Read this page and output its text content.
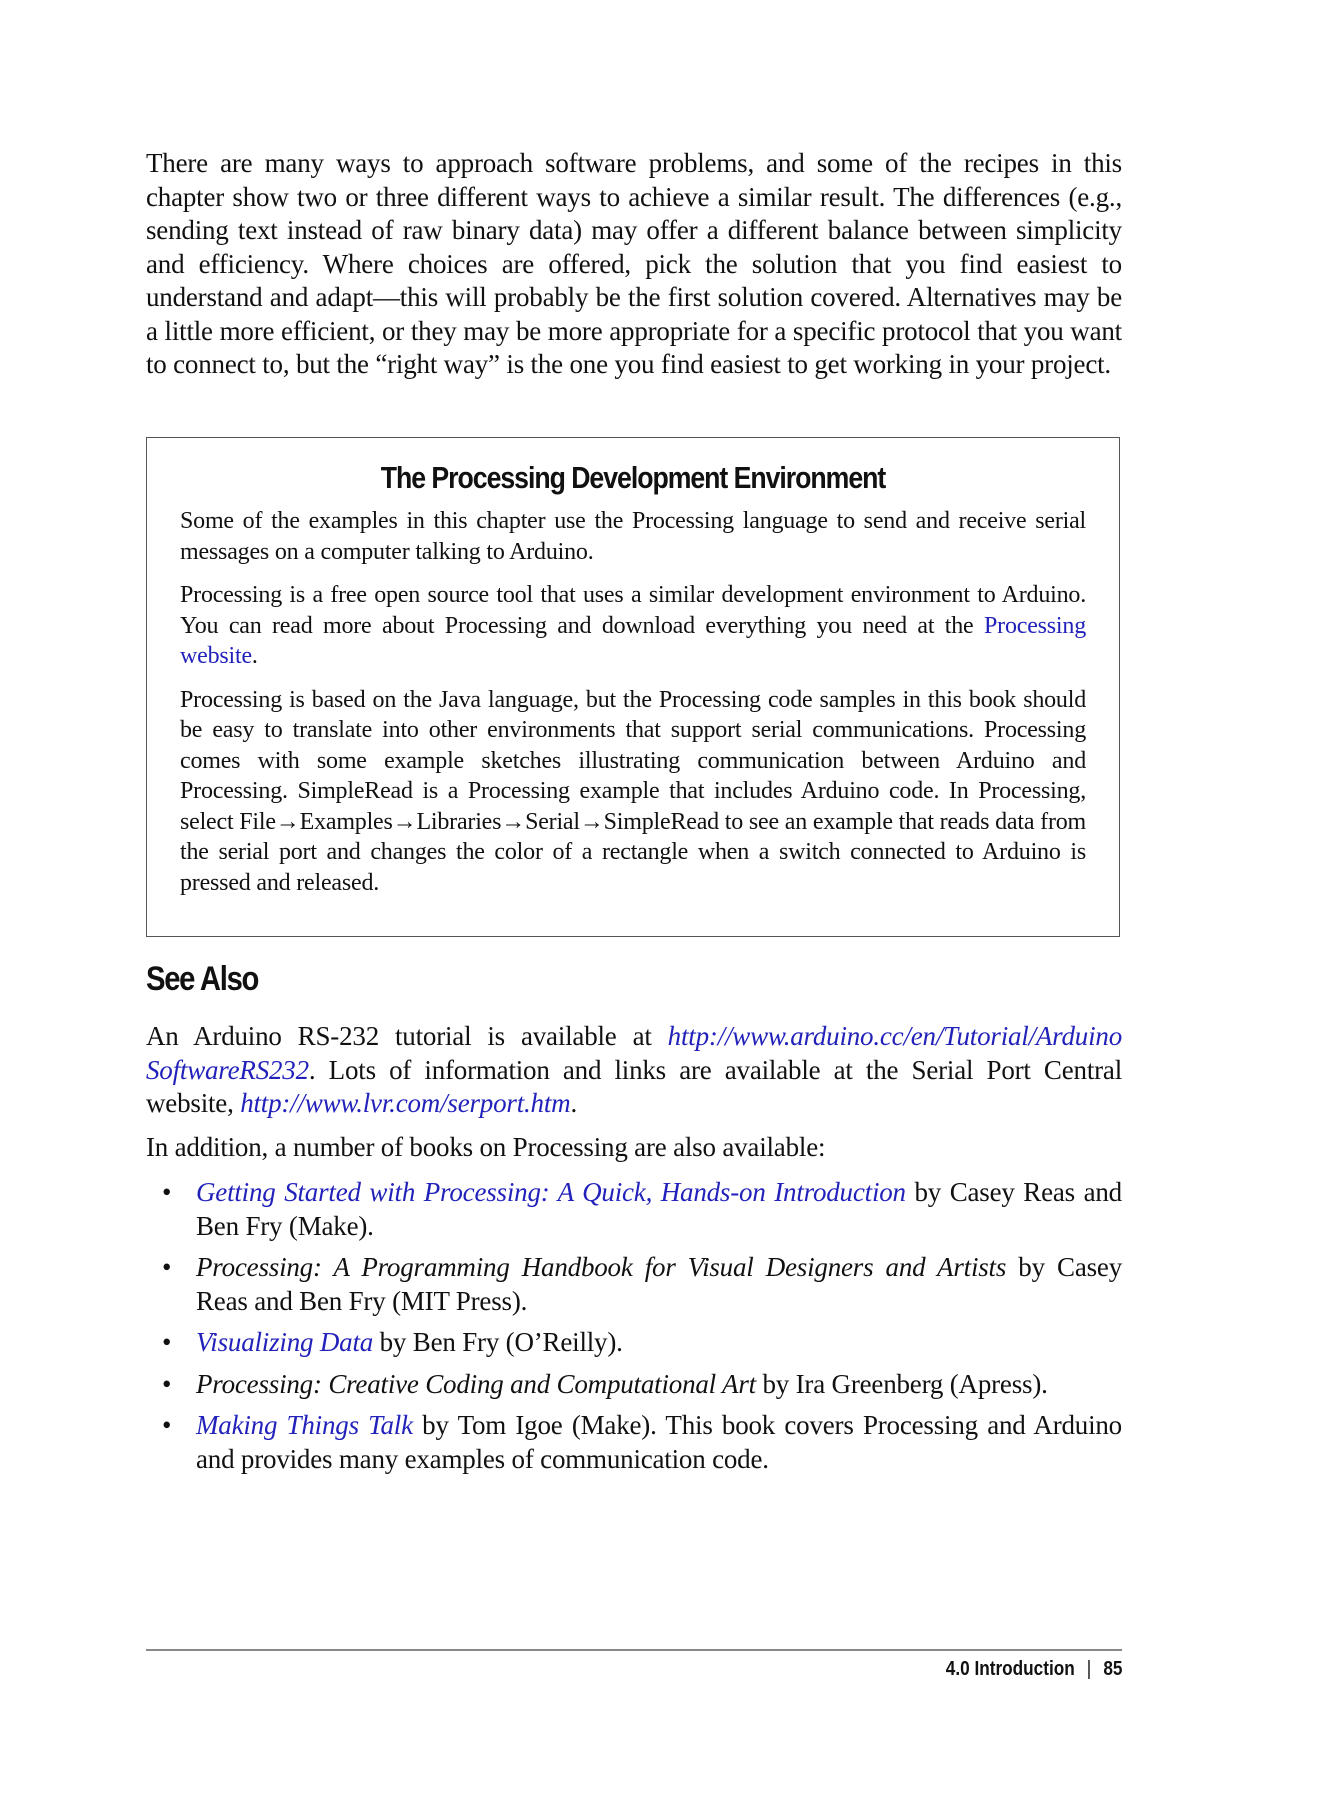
There are many ways to approach software problems, and some of the recipes in this chapter show two or three different ways to achieve a similar result. The differences (e.g., sending text instead of raw binary data) may offer a different balance between simplicity and efficiency. Where choices are offered, pick the solution that you find easiest to understand and adapt—this will probably be the first solution covered. Alternatives may be a little more efficient, or they may be more appropriate for a specific protocol that you want to connect to, but the “right way” is the one you find easiest to get working in your project.

The Processing Development Environment

Some of the examples in this chapter use the Processing language to send and receive serial messages on a computer talking to Arduino.

Processing is a free open source tool that uses a similar development environment to Arduino. You can read more about Processing and download everything you need at the Processing website.

Processing is based on the Java language, but the Processing code samples in this book should be easy to translate into other environments that support serial communications. Processing comes with some example sketches illustrating communication between Arduino and Processing. SimpleRead is a Processing example that includes Arduino code. In Processing, select File→Examples→Libraries→Serial→SimpleRead to see an example that reads data from the serial port and changes the color of a rectangle when a switch connected to Arduino is pressed and released.

See Also

An Arduino RS-232 tutorial is available at http://www.arduino.cc/en/Tutorial/Arduino SoftwareRS232. Lots of information and links are available at the Serial Port Central website, http://www.lvr.com/serport.htm.

In addition, a number of books on Processing are also available:

• Getting Started with Processing: A Quick, Hands-on Introduction by Casey Reas and Ben Fry (Make).
• Processing: A Programming Handbook for Visual Designers and Artists by Casey Reas and Ben Fry (MIT Press).
• Visualizing Data by Ben Fry (O’Reilly).
• Processing: Creative Coding and Computational Art by Ira Greenberg (Apress).
• Making Things Talk by Tom Igoe (Make). This book covers Processing and Arduino and provides many examples of communication code.
4.0 Introduction | 85
